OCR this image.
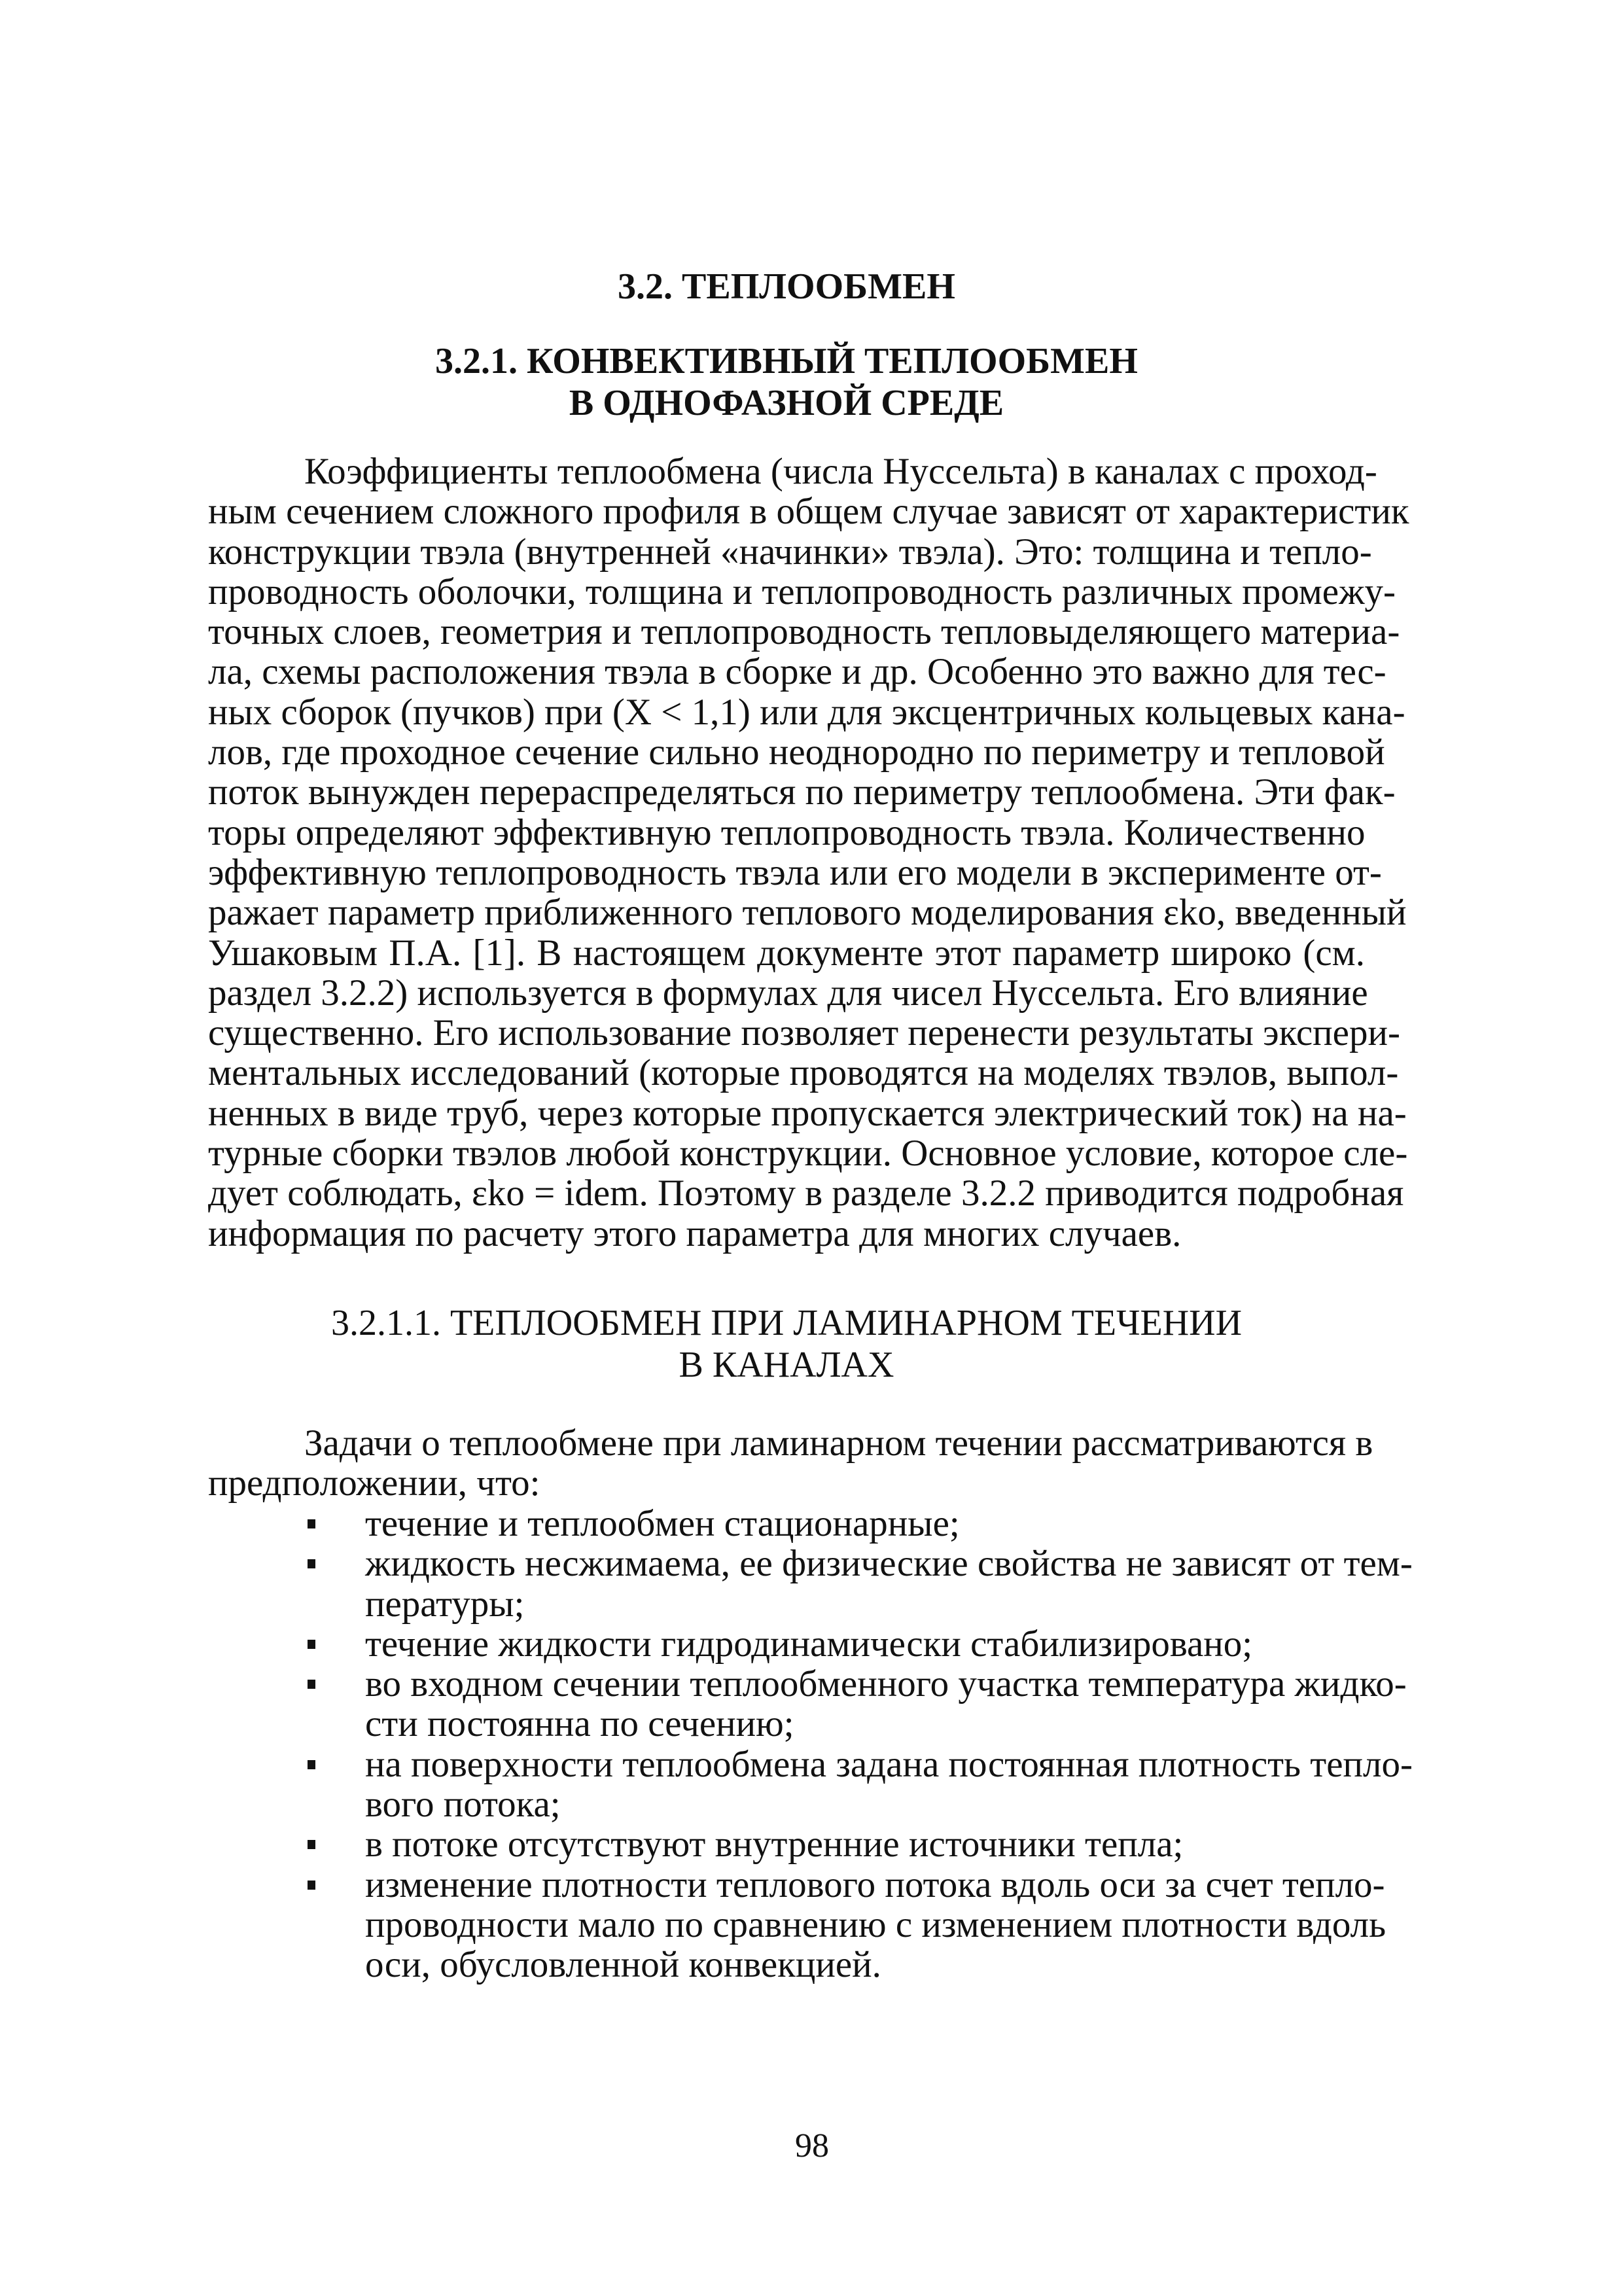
3.2. ТЕПЛООБМЕН
3.2.1. КОНВЕКТИВНЫЙ ТЕПЛООБМЕН
В ОДНОФАЗНОЙ СРЕДЕ

Коэффициенты теплообмена (числа Нуссельта) в каналах с проход-
ным сечением сложного профиля в общем случае зависят от характеристик
конструкции твэла (внутренней «начинки» твэла). Это: толщина и тепло-
проводность оболочки, толщина и теплопроводность различных промежу-
точных слоев, геометрия и теплопроводность тепловыделяющего материа-
ла, схемы расположения твэла в сборке и др. Особенно это важно для тес-
ных сборок (пучков) при (X < 1,1) или для эксцентричных кольцевых кана-
лов, где проходное сечение сильно неоднородно по периметру и тепловой
поток вынужден перераспределяться по периметру теплообмена. Эти фак-
торы определяют эффективную теплопроводность твэла. Количественно
эффективную теплопроводность твэла или его модели в эксперименте от-
ражает параметр приближенного теплового моделирования εko, введенный
Ушаковым П.А. [1]. В настоящем документе этот параметр широко (см.
раздел 3.2.2) используется в формулах для чисел Нуссельта. Его влияние
существенно. Его использование позволяет перенести результаты экспери-
ментальных исследований (которые проводятся на моделях твэлов, выпол-
ненных в виде труб, через которые пропускается электрический ток) на на-
турные сборки твэлов любой конструкции. Основное условие, которое сле-
дует соблюдать, εko = idem. Поэтому в разделе 3.2.2 приводится подробная
информация по расчету этого параметра для многих случаев.

3.2.1.1. ТЕПЛООБМЕН ПРИ ЛАМИНАРНОМ ТЕЧЕНИИ
В КАНАЛАХ

Задачи о теплообмене при ламинарном течении рассматриваются в
предположении, что:

течение и теплообмен стационарные;
жидкость несжимаема, ее физические свойства не зависят от тем-
пературы;
течение жидкости гидродинамически стабилизировано;
во входном сечении теплообменного участка температура жидко-
сти постоянна по сечению;
на поверхности теплообмена задана постоянная плотность тепло-
вого потока;
в потоке отсутствуют внутренние источники тепла;
изменение плотности теплового потока вдоль оси за счет тепло-
проводности мало по сравнению с изменением плотности вдоль
оси, обусловленной конвекцией.

98
